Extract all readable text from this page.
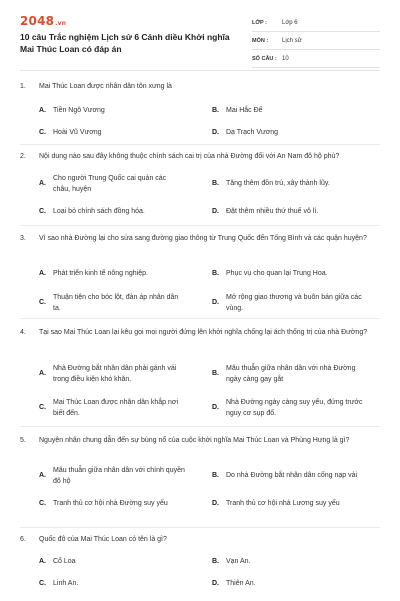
2048.vn
10 câu Trắc nghiệm Lịch sử 6 Cánh diều Khởi nghĩa Mai Thúc Loan có đáp án
LỚP :	Lớp 6
MÔN :	Lịch sử
SỐ CÂU : 10
1.	Mai Thúc Loan được nhân dân tôn xưng là
A.	Tiền Ngô Vương	B.	Mai Hắc Đế
C.	Hoài Vũ Vương	D.	Dạ Trạch Vương
2.	Nội dung nào sau đây không thuộc chính sách cai trị của nhà Đường đối với An Nam đô hộ phủ?
A.
Cho người Trung Quốc cai quản các châu, huyện
B.	Tăng thêm đồn trú, xây thành lũy.
C.	Loại bỏ chính sách đồng hóa.	D.	Đặt thêm nhiều thứ thuế vô lí.
3.	Vì sao nhà Đường lại cho sửa sang đường giao thông từ Trung Quốc đến Tống Bình và các quận huyện?
A.	Phát triển kinh tế nông nghiệp.	B.	Phục vụ cho quan lại Trung Hoa.
C.
Thuận tiện cho bóc lột, đàn áp nhân dân ta.
D.
Mở rộng giao thương và buôn bán giữa các vùng.
4.	Tại sao Mai Thúc Loan lại kêu gọi mọi người đứng lên khởi nghĩa chống lại ách thống trị của nhà Đường?
A.
Nhà Đường bắt nhân dân phải gánh vải trong điều kiện khó khăn.
B.
Mâu thuẫn giữa nhân dân với nhà Đường ngày càng gay gắt
C.
Mai Thúc Loan được nhân dân khắp nơi biết đến.
D.
Nhà Đường ngày càng suy yếu, đứng trước nguy cơ sụp đổ.
5.	Nguyên nhân chung dẫn đến sự bùng nổ của cuộc khởi nghĩa Mai Thúc Loan và Phùng Hưng là gì?
A.
Mâu thuẫn giữa nhân dân với chính quyền đô hộ
B.	Do nhà Đường bắt nhân dân cống nạp vải
C.	Tranh thủ cơ hội nhà Đường suy yếu	D.	Tranh thủ cơ hội nhà Lương suy yếu
6.	Quốc đô của Mai Thúc Loan có tên là gì?
A.	Cổ Loa	B.	Vạn An.
C.	Linh An.	D.	Thiên An.
